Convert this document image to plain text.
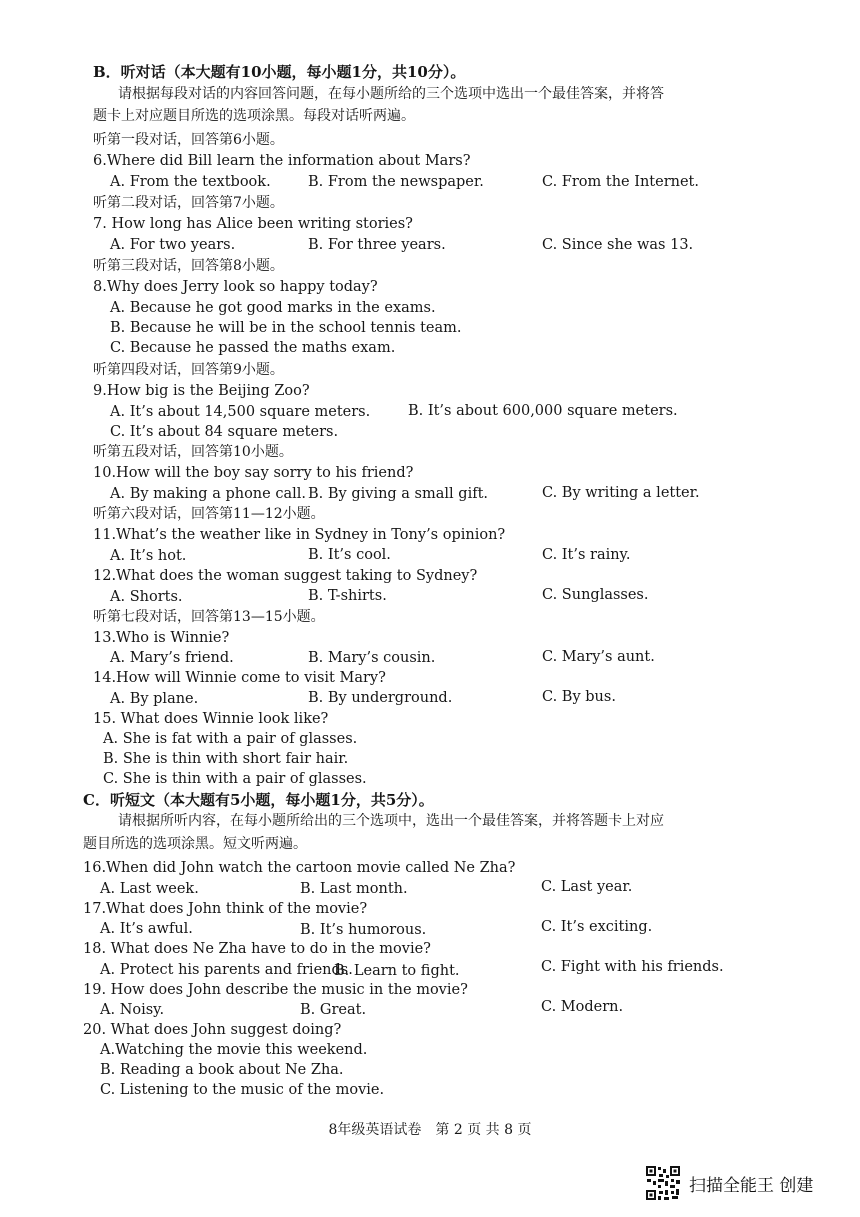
B．听对话（本大题有10小题，每小题1分，共10分）。
请根据每段对话的内容回答问题，在每小题所给的三个选项中选出一个最佳答案，并将答
题卡上对应题目所选的选项涂黑。每段对话听两遍。
听第一段对话，回答第6小题。
6.Where did Bill learn the information about Mars?
A. From the textbook.	B. From the newspaper.	C. From the Internet.
听第二段对话，回答第7小题。
7. How long has Alice been writing stories?
A. For two years.	B. For three years.	C. Since she was 13.
听第三段对话，回答第8小题。
8.Why does Jerry look so happy today?
A. Because he got good marks in the exams.
B. Because he will be in the school tennis team.
C. Because he passed the maths exam.
听第四段对话，回答第9小题。
9.How big is the Beijing Zoo?
A. It’s about 14,500 square meters.	B. It’s about 600,000 square meters.
C. It’s about 84 square meters.
听第五段对话，回答第10小题。
10.How will the boy say sorry to his friend?
A. By making a phone call. B. By giving a small gift.	C. By writing a letter.
听第六段对话，回答第11—12小题。
11.What’s the weather like in Sydney in Tony’s opinion?
A. It’s hot.	B. It’s cool.	C. It’s rainy.
12.What does the woman suggest taking to Sydney?
A. Shorts.	B. T-shirts.	C. Sunglasses.
听第七段对话，回答第13—15小题。
13.Who is Winnie?
A. Mary’s friend.	B. Mary’s cousin.	C. Mary’s aunt.
14.How will Winnie come to visit Mary?
A. By plane.	B. By underground.	C. By bus.
15. What does Winnie look like?
A. She is fat with a pair of glasses.
B. She is thin with short fair hair.
C. She is thin with a pair of glasses.
C．听短文（本大题有5小题，每小题1分，共5分）。
请根据所听内容，在每小题所给出的三个选项中，选出一个最佳答案，并将答题卡上对应
题目所选的选项涂黑。短文听两遍。
16.When did John watch the cartoon movie called Ne Zha?
A. Last week.	B. Last month.	C. Last year.
17.What does John think of the movie?
A. It’s awful.	B. It’s humorous.	C. It’s exciting.
18. What does Ne Zha have to do in the movie?
A. Protect his parents and friends.
B. Learn to fight.	C. Fight with his friends.
19. How does John describe the music in the movie?
A. Noisy.	B. Great.	C. Modern.
20. What does John suggest doing?
A.Watching the movie this weekend.
B. Reading a book about Ne Zha.
C. Listening to the music of the movie.
8年级英语试卷　第 2 页 共 8 页
扫描全能王 创建
